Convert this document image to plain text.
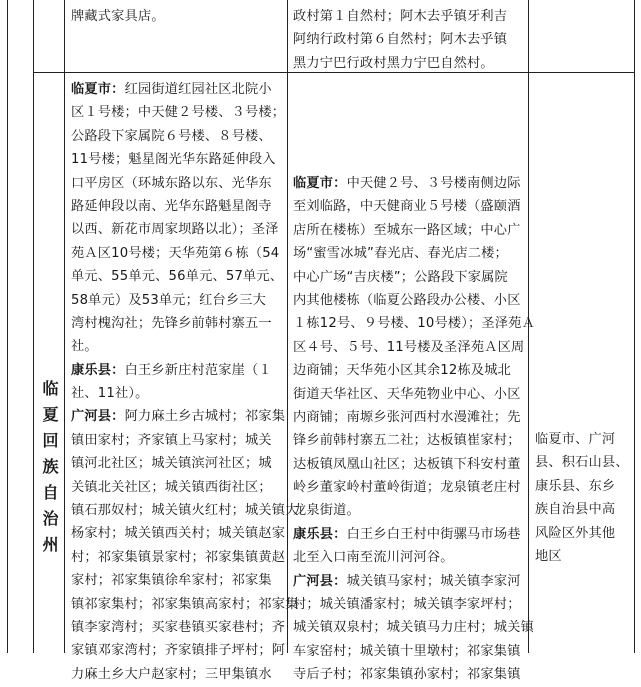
牌藏式家具店。	政村第１自然村；阿木去乎镇牙利吉
阿纳行政村第６自然村；阿木去乎镇
黑力宁巴行政村黑力宁巴自然村。
临
夏
回
族
自
治
州
临夏市：红园街道红园社区北院小
区１号楼；中天健２号楼、３号楼；
公路段下家属院６号楼、８号楼、
11号楼；魁星阁光华东路延伸段入
口平房区（环城东路以东、光华东
路延伸段以南、光华东路魁星阁寺
以西、新花市周家坝路以北）；圣泽
苑Ａ区10号楼；天华苑第６栋（54
单元、55单元、56单元、57单元、
58单元）及53单元；红台乡三大
湾村槐沟社；先锋乡前韩村寨五一
社。
康乐县：白王乡新庄村范家崖（１
社、11社）。
广河县：阿力麻土乡古城村；祁家集
镇田家村；齐家镇上马家村；城关
镇河北社区；城关镇滨河社区；城
关镇北关社区；城关镇西街社区；
镇石那奴村；城关镇火红村；城关镇大
杨家村；城关镇西关村；城关镇赵家
村；祁家集镇景家村；祁家集镇黄赵
家村；祁家集镇徐牟家村；祁家集
镇祁家集村；祁家集镇高家村；祁家集
镇李家湾村；买家巷镇买家巷村；齐
家镇邓家湾村；齐家镇排子坪村；阿
力麻土乡大户赵家村；三甲集镇水
临夏市：中天健２号、３号楼南侧边际
至刘临路，中天健商业５号楼（盛颐酒
店所在楼栋）至城东一路区域；中心广
场“蜜雪冰城”春光店、春光店二楼；
中心广场“吉庆楼”；公路段下家属院
内其他楼栋（临夏公路段办公楼、小区
１栋12号、９号楼、10号楼）；圣泽苑Ａ
区４号、５号、11号楼及圣泽苑Ａ区周
边商铺；天华苑小区其余12栋及城北
街道天华社区、天华苑物业中心、小区
内商铺；南塬乡张河西村水漫滩社；先
锋乡前韩村寨五二社；达板镇崔家村；
达板镇凤凰山社区；达板镇下科安村董
岭乡董家岭村董岭街道；龙泉镇老庄村
龙泉街道。
康乐县：白王乡白王村中街骡马市场巷
北至入口南至流川河河谷。
广河县：城关镇马家村；城关镇李家河
村；城关镇潘家村；城关镇李家坪村；
城关镇双泉村；城关镇马力庄村；城关镇
车家窑村；城关镇十里墩村；祁家集镇
寺后子村；祁家集镇孙家村；祁家集镇
临夏市、广河
县、积石山县、
康乐县、东乡
族自治县中高
风险区外其他
地区
